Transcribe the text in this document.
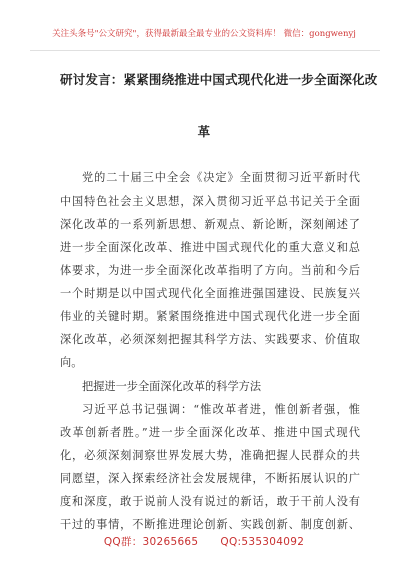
关注头条号"公文研究"，获得最新最全最专业的公文资料库！ 微信：gongwenyj
研讨发言：紧紧围绕推进中国式现代化进一步全面深化改
革
党的二十届三中全会《决定》全面贯彻习近平新时代
中国特色社会主义思想，深入贯彻习近平总书记关于全面
深化改革的一系列新思想、新观点、新论断，深刻阐述了
进一步全面深化改革、推进中国式现代化的重大意义和总
体要求，为进一步全面深化改革指明了方向。当前和今后
一个时期是以中国式现代化全面推进强国建设、民族复兴
伟业的关键时期。紧紧围绕推进中国式现代化进一步全面
深化改革，必须深刻把握其科学方法、实践要求、价值取
向。
把握进一步全面深化改革的科学方法
习近平总书记强调：“惟改革者进，惟创新者强，惟
改革创新者胜。”进一步全面深化改革、推进中国式现代
化，必须深刻洞察世界发展大势，准确把握人民群众的共
同愿望，深入探索经济社会发展规律，不断拓展认识的广
度和深度，敢于说前人没有说过的新话，敢于干前人没有
干过的事情，不断推进理论创新、实践创新、制度创新、
QQ群：30265665 QQ:535304092
